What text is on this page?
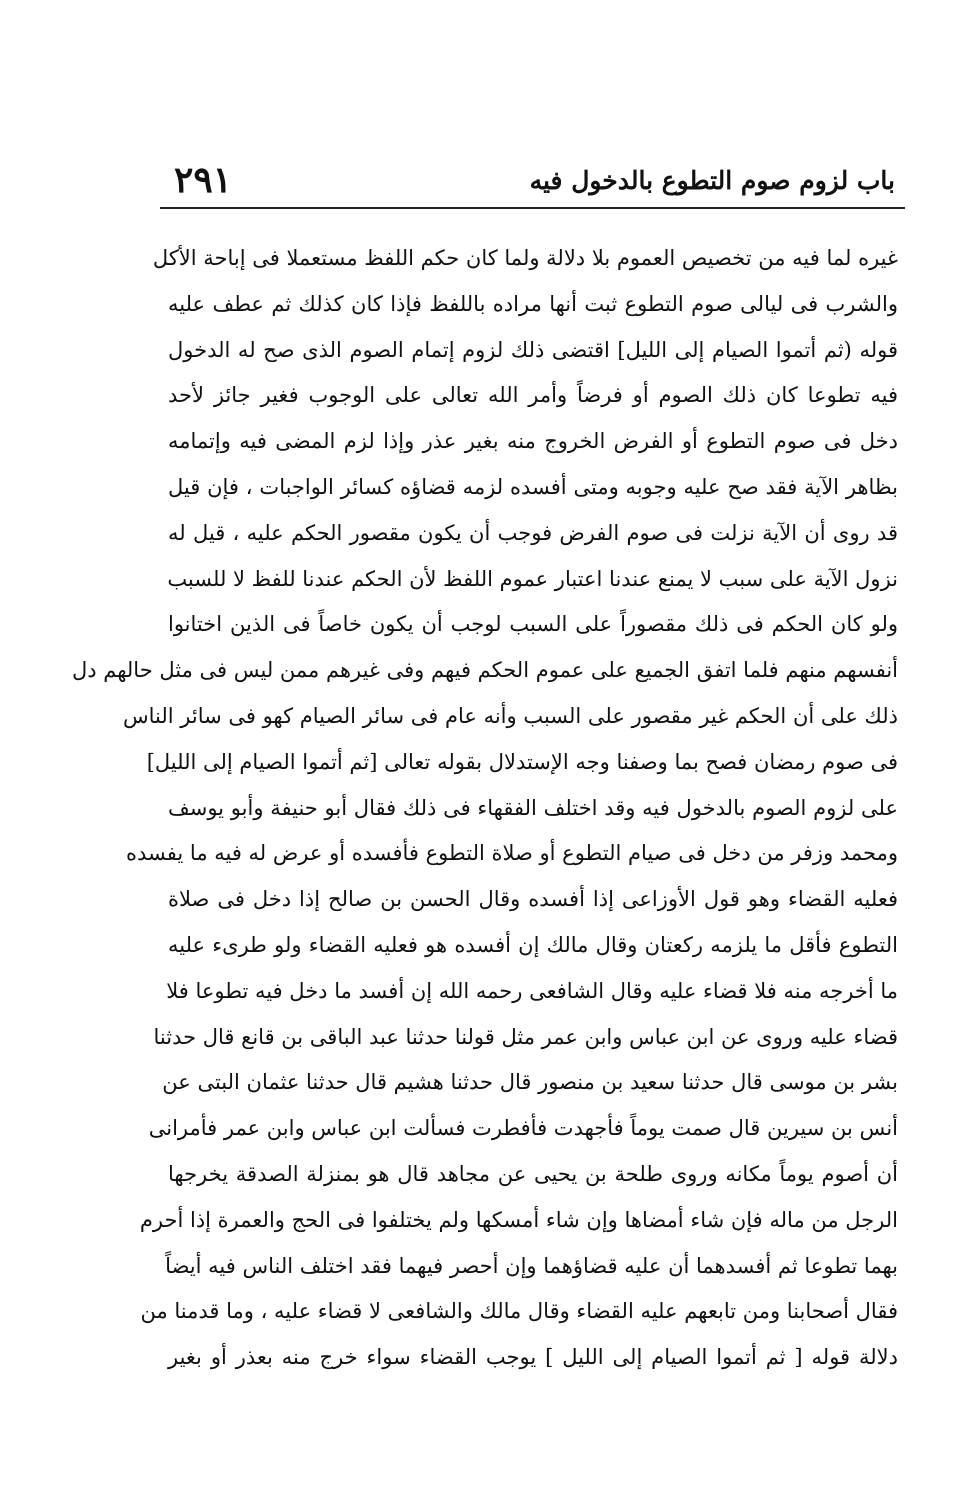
٢٩١	باب لزوم صوم التطوع بالدخول فيه
غيره لما فيه من تخصيص العموم بلا دلالة ولما كان حكم اللفظ مستعملا فى إباحة الأكل
والشرب فى ليالى صوم التطوع ثبت أنها مراده باللفظ فإذا كان كذلك ثم عطف عليه
قوله (ثم أتموا الصيام إلى الليل] اقتضى ذلك لزوم إتمام الصوم الذى صح له الدخول
فيه تطوعا كان ذلك الصوم أو فرضاً وأمر الله تعالى على الوجوب فغير جائز لأحد
دخل فى صوم التطوع أو الفرض الخروج منه بغير عذر وإذا لزم المضى فيه وإتمامه
بظاهر الآية فقد صح عليه وجوبه ومتى أفسده لزمه قضاؤه كسائر الواجبات ، فإن قيل
قد روى أن الآية نزلت فى صوم الفرض فوجب أن يكون مقصور الحكم عليه ، قيل له
نزول الآية على سبب لا يمنع عندنا اعتبار عموم اللفظ لأن الحكم عندنا للفظ لا للسبب
ولو كان الحكم فى ذلك مقصوراً على السبب لوجب أن يكون خاصاً فى الذين اختانوا
أنفسهم منهم فلما اتفق الجميع على عموم الحكم فيهم وفى غيرهم ممن ليس فى مثل حالهم دل
ذلك على أن الحكم غير مقصور على السبب وأنه عام فى سائر الصيام كهو فى سائر الناس
فى صوم رمضان فصح بما وصفنا وجه الإستدلال بقوله تعالى [ثم أتموا الصيام إلى الليل]
على لزوم الصوم بالدخول فيه وقد اختلف الفقهاء فى ذلك فقال أبو حنيفة وأبو يوسف
ومحمد وزفر من دخل فى صيام التطوع أو صلاة التطوع فأفسده أو عرض له فيه ما يفسده
فعليه القضاء وهو قول الأوزاعى إذا أفسده وقال الحسن بن صالح إذا دخل فى صلاة
التطوع فأقل ما يلزمه ركعتان وقال مالك إن أفسده هو فعليه القضاء ولو طرىء عليه
ما أخرجه منه فلا قضاء عليه وقال الشافعى رحمه الله إن أفسد ما دخل فيه تطوعا فلا
قضاء عليه وروى عن ابن عباس وابن عمر مثل قولنا حدثنا عبد الباقى بن قانع قال حدثنا
بشر بن موسى قال حدثنا سعيد بن منصور قال حدثنا هشيم قال حدثنا عثمان البتى عن
أنس بن سيرين قال صمت يوماً فأجهدت فأفطرت فسألت ابن عباس وابن عمر فأمرانى
أن أصوم يوماً مكانه وروى طلحة بن يحيى عن مجاهد قال هو بمنزلة الصدقة يخرجها
الرجل من ماله فإن شاء أمضاها وإن شاء أمسكها ولم يختلفوا فى الحج والعمرة إذا أحرم
بهما تطوعا ثم أفسدهما أن عليه قضاؤهما وإن أحصر فيهما فقد اختلف الناس فيه أيضاً
فقال أصحابنا ومن تابعهم عليه القضاء وقال مالك والشافعى لا قضاء عليه ، وما قدمنا من
دلالة قوله [ ثم أتموا الصيام إلى الليل ] يوجب القضاء سواء خرج منه بعذر أو بغير
